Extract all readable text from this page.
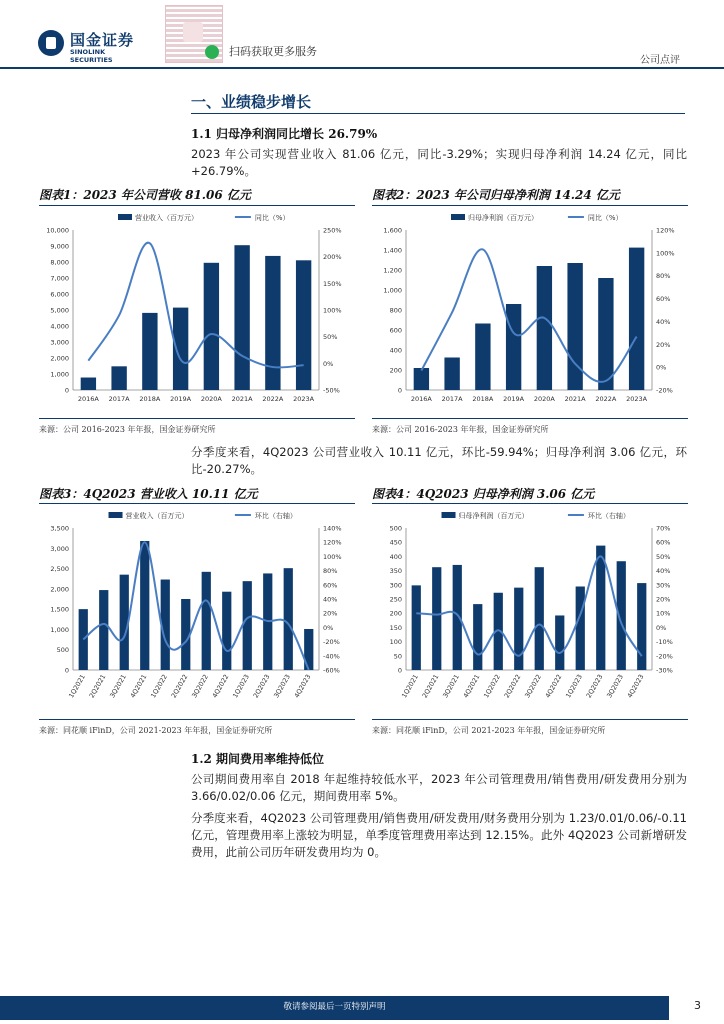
国金证券
SINOLINK SECURITIES
扫码获取更多服务
公司点评
一、业绩稳步增长
1.1 归母净利润同比增长 26.79%
2023 年公司实现营业收入 81.06 亿元，同比-3.29%；实现归母净利润 14.24 亿元，同比+26.79%。
图表1：2023 年公司营收 81.06 亿元	图表2：2023 年公司归母净利润 14.24 亿元
营业收入（百万元）	同比（%）
0
1,000
2,000
3,000
4,000
5,000
6,000
7,000
8,000
9,000
10,000
-50%
0%
50%
100%
150%
200%
250%
2016A 2017A 2018A 2019A 2020A 2021A 2022A 2023A
归母净利润（百万元）	同比（%）
0
200
400
600
800
1,000
1,200
1,400
1,600
-20%
0%
20%
40%
60%
80%
100%
120%
2016A 2017A 2018A 2019A 2020A 2021A 2022A 2023A
来源：公司 2016-2023 年年报，国金证券研究所	来源：公司 2016-2023 年年报，国金证券研究所
分季度来看，4Q2023 公司营业收入 10.11 亿元，环比-59.94%；归母净利润 3.06 亿元，环比-20.27%。
图表3：4Q2023 营业收入 10.11 亿元	图表4：4Q2023 归母净利润 3.06 亿元
营业收入（百万元）	环比（右轴）
0
500
1,000
1,500
2,000
2,500
3,000
3,500
-60%
-40%
-20%
0%
20%
40%
60%
80%
100%
120%
140%
1Q2021 2Q2021 3Q2021 4Q2021 1Q2022 2Q2022 3Q2022 4Q2022 1Q2023 2Q2023 3Q2023 4Q2023
归母净利润（百万元）	环比（右轴）
0
50
100
150
200
250
300
350
400
450
500
-30%
-20%
-10%
0%
10%
20%
30%
40%
50%
60%
70%
1Q2021 2Q2021 3Q2021 4Q2021 1Q2022 2Q2022 3Q2022 4Q2022 1Q2023 2Q2023 3Q2023 4Q2023
来源：同花顺 iFinD，公司 2021-2023 年年报，国金证券研究所	来源：同花顺 iFinD，公司 2021-2023 年年报，国金证券研究所
1.2 期间费用率维持低位
公司期间费用率自 2018 年起维持较低水平，2023 年公司管理费用/销售费用/研发费用分别为 3.66/0.02/0.06 亿元，期间费用率 5%。
分季度来看，4Q2023 公司管理费用/销售费用/研发费用/财务费用分别为 1.23/0.01/0.06/-0.11 亿元，管理费用率上涨较为明显，单季度管理费用率达到 12.15%。此外 4Q2023 公司新增研发费用，此前公司历年研发费用均为 0。
敬请参阅最后一页特别声明	3
